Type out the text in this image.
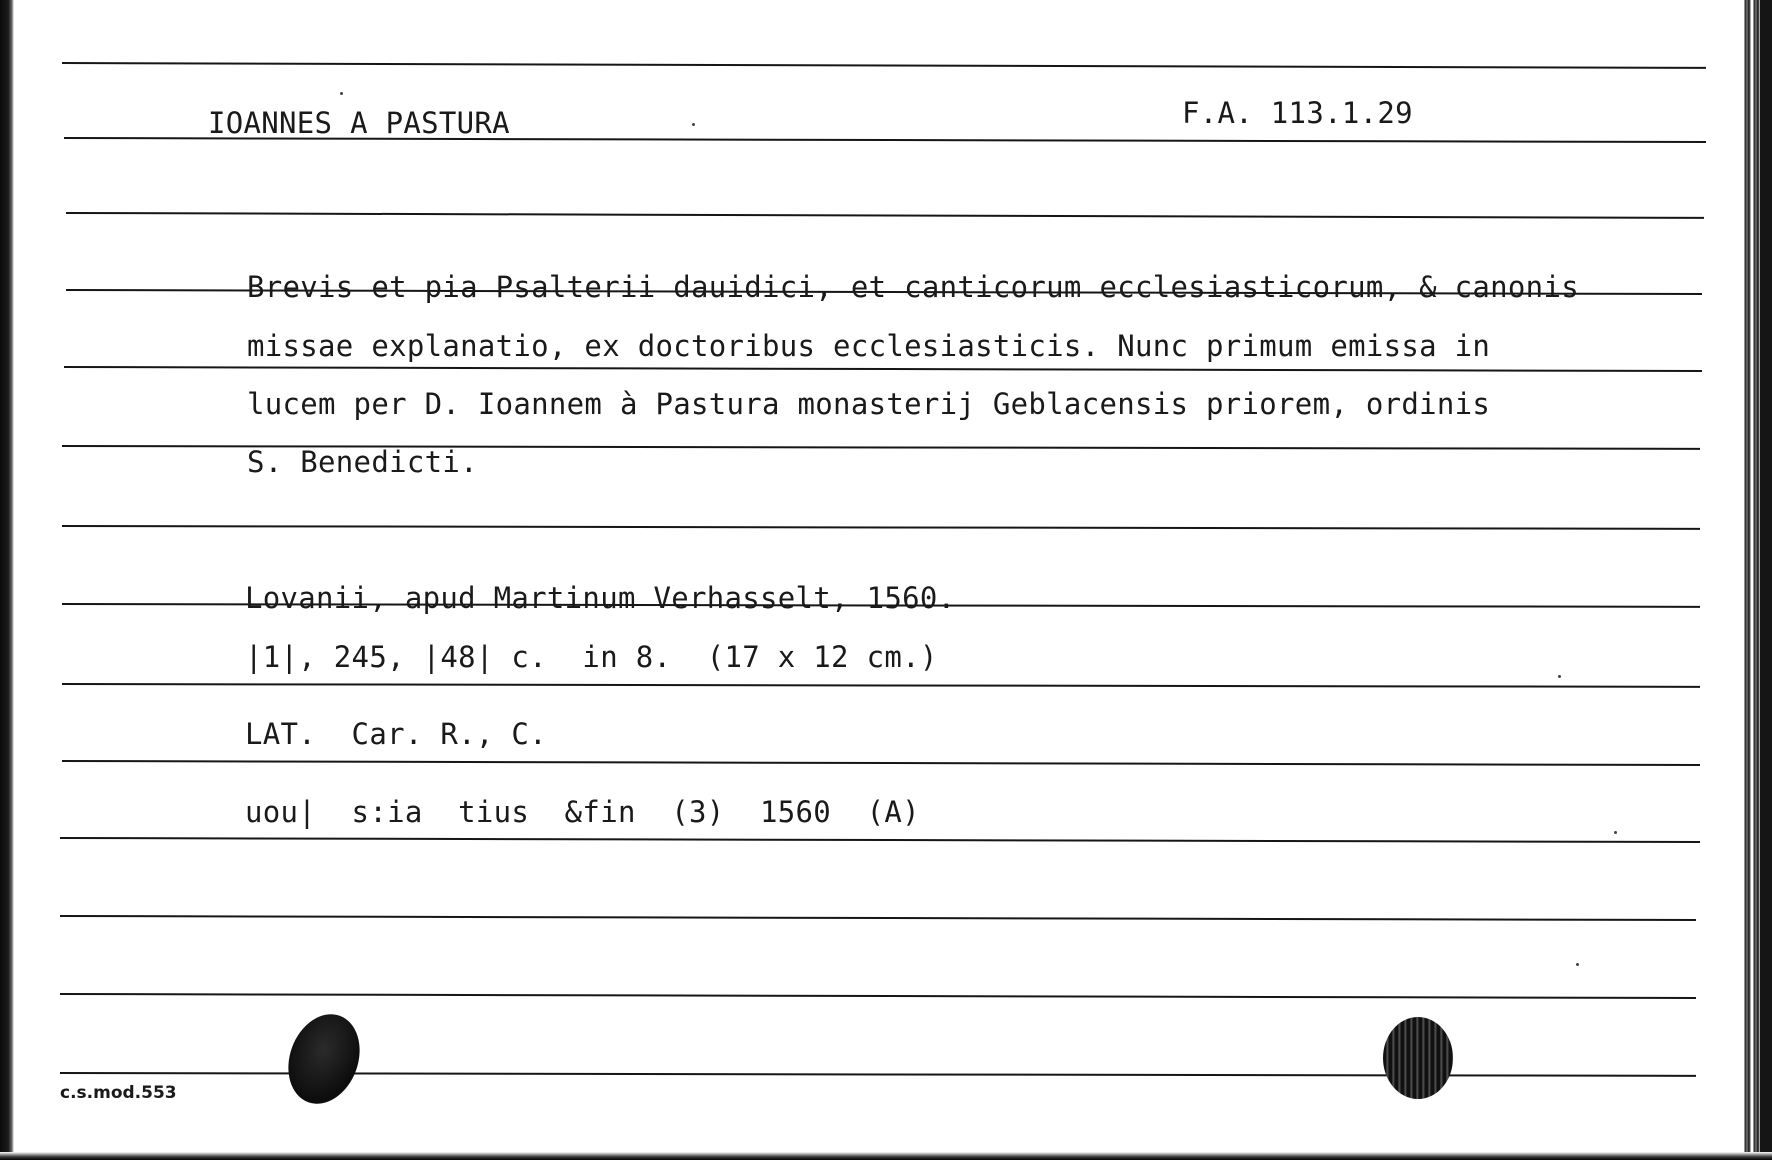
IOANNES A PASTURA	F.A. 113.1.29
Brevis et pia Psalterii dauidici, et canticorum ecclesiasticorum, & canonis
missae explanatio, ex doctoribus ecclesiasticis. Nunc primum emissa in
lucem per D. Ioannem à Pastura monasterij Geblacensis priorem, ordinis
S. Benedicti.
Lovanii, apud Martinum Verhasselt, 1560.
|1|, 245, |48| c.  in 8.  (17 x 12 cm.)
LAT.  Car. R., C.
uou|  s:ia  tius  &fin  (3)  1560  (A)
c.s.mod.553
